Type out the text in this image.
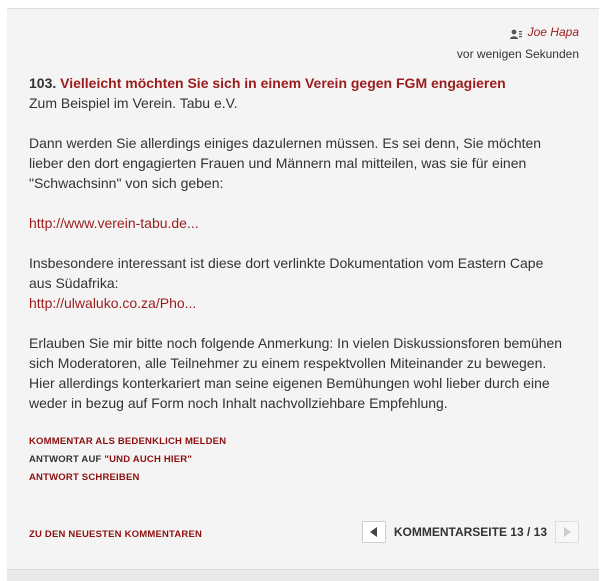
Joe Hapa
vor wenigen Sekunden
103. Vielleicht möchten Sie sich in einem Verein gegen FGM engagieren

Zum Beispiel im Verein. Tabu e.V.

Dann werden Sie allerdings einiges dazulernen müssen. Es sei denn, Sie möchten lieber den dort engagierten Frauen und Männern mal mitteilen, was sie für einen "Schwachsinn" von sich geben:

http://www.verein-tabu.de...

Insbesondere interessant ist diese dort verlinkte Dokumentation vom Eastern Cape aus Südafrika:

http://ulwaluko.co.za/Pho...

Erlauben Sie mir bitte noch folgende Anmerkung: In vielen Diskussionsforen bemühen sich Moderatoren, alle Teilnehmer zu einem respektvollen Miteinander zu bewegen. Hier allerdings konterkariert man seine eigenen Bemühungen wohl lieber durch eine weder in bezug auf Form noch Inhalt nachvollziehbare Empfehlung.

KOMMENTAR ALS BEDENKLICH MELDEN
ANTWORT AUF "UND AUCH HIER"
ANTWORT SCHREIBEN
ZU DEN NEUESTEN KOMMENTAREN	KOMMENTARSEITE 13 / 13
